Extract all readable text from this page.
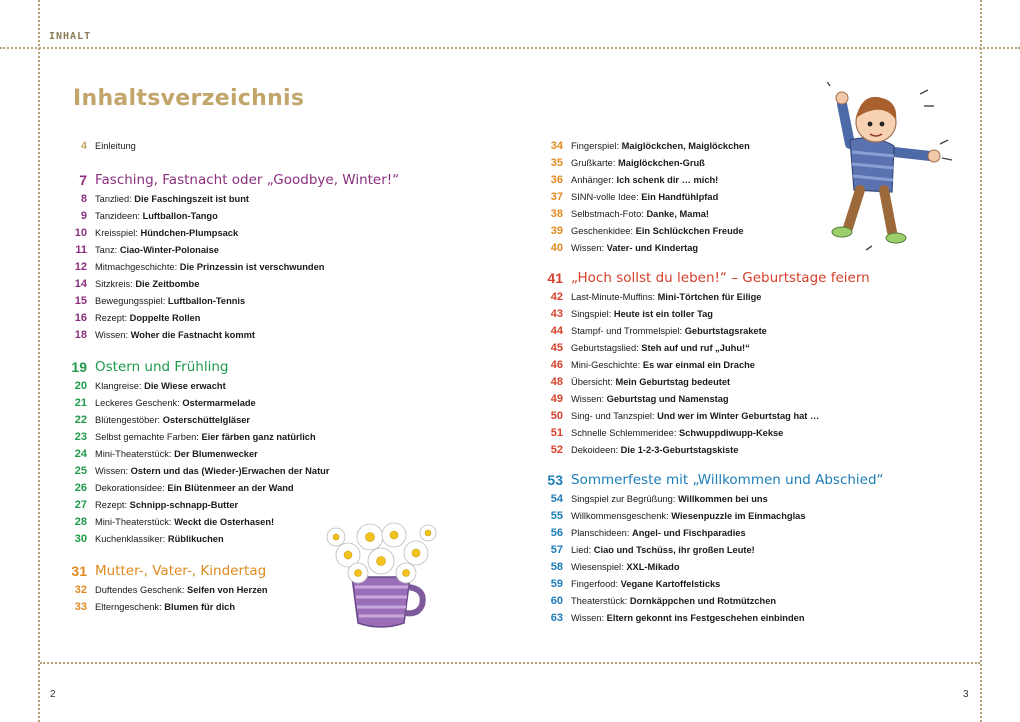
INHALT
Inhaltsverzeichnis
4 Einleitung
7 Fasching, Fastnacht oder „Goodbye, Winter!“
8 Tanzlied: Die Faschingszeit ist bunt
9 Tanzideen: Luftballon-Tango
10 Kreisspiel: Hündchen-Plumpsack
11 Tanz: Ciao-Winter-Polonaise
12 Mitmachgeschichte: Die Prinzessin ist verschwunden
14 Sitzkreis: Die Zeitbombe
15 Bewegungsspiel: Luftballon-Tennis
16 Rezept: Doppelte Rollen
18 Wissen: Woher die Fastnacht kommt
19 Ostern und Frühling
20 Klangreise: Die Wiese erwacht
21 Leckeres Geschenk: Ostermarmelade
22 Blütengestöber: Osterschüttelgläser
23 Selbst gemachte Farben: Eier färben ganz natürlich
24 Mini-Theaterstück: Der Blumenwecker
25 Wissen: Ostern und das (Wieder-)Erwachen der Natur
26 Dekorationsidee: Ein Blütenmeer an der Wand
27 Rezept: Schnipp-schnapp-Butter
28 Mini-Theaterstück: Weckt die Osterhasen!
30 Kuchenklassiker: Rüblikuchen
31 Mutter-, Vater-, Kindertag
32 Duftendes Geschenk: Seifen von Herzen
33 Elterngeschenk: Blumen für dich
34 Fingerspiel: Maiglöckchen, Maiglöckchen
35 Grußkarte: Maiglöckchen-Gruß
36 Anhänger: Ich schenk dir … mich!
37 SINN-volle Idee: Ein Handfühlpfad
38 Selbstmach-Foto: Danke, Mama!
39 Geschenkidee: Ein Schlückchen Freude
40 Wissen: Vater- und Kindertag
41 „Hoch sollst du leben!“ – Geburtstage feiern
42 Last-Minute-Muffins: Mini-Törtchen für Eilige
43 Singspiel: Heute ist ein toller Tag
44 Stampf- und Trommelspiel: Geburtstagsrakete
45 Geburtstagslied: Steh auf und ruf „Juhu!“
46 Mini-Geschichte: Es war einmal ein Drache
48 Übersicht: Mein Geburtstag bedeutet
49 Wissen: Geburtstag und Namenstag
50 Sing- und Tanzspiel: Und wer im Winter Geburtstag hat …
51 Schnelle Schlemmeridee: Schwuppdiwupp-Kekse
52 Dekoideen: Die 1-2-3-Geburtstagskiste
53 Sommerfeste mit „Willkommen und Abschied“
54 Singspiel zur Begrüßung: Willkommen bei uns
55 Willkommensgeschenk: Wiesenpuzzle im Einmachglas
56 Planschideen: Angel- und Fischparadies
57 Lied: Ciao und Tschüss, ihr großen Leute!
58 Wiesenspiel: XXL-Mikado
59 Fingerfood: Vegane Kartoffelsticks
60 Theaterstück: Dornkäppchen und Rotmützchen
63 Wissen: Eltern gekonnt ins Festgeschehen einbinden
2	3
